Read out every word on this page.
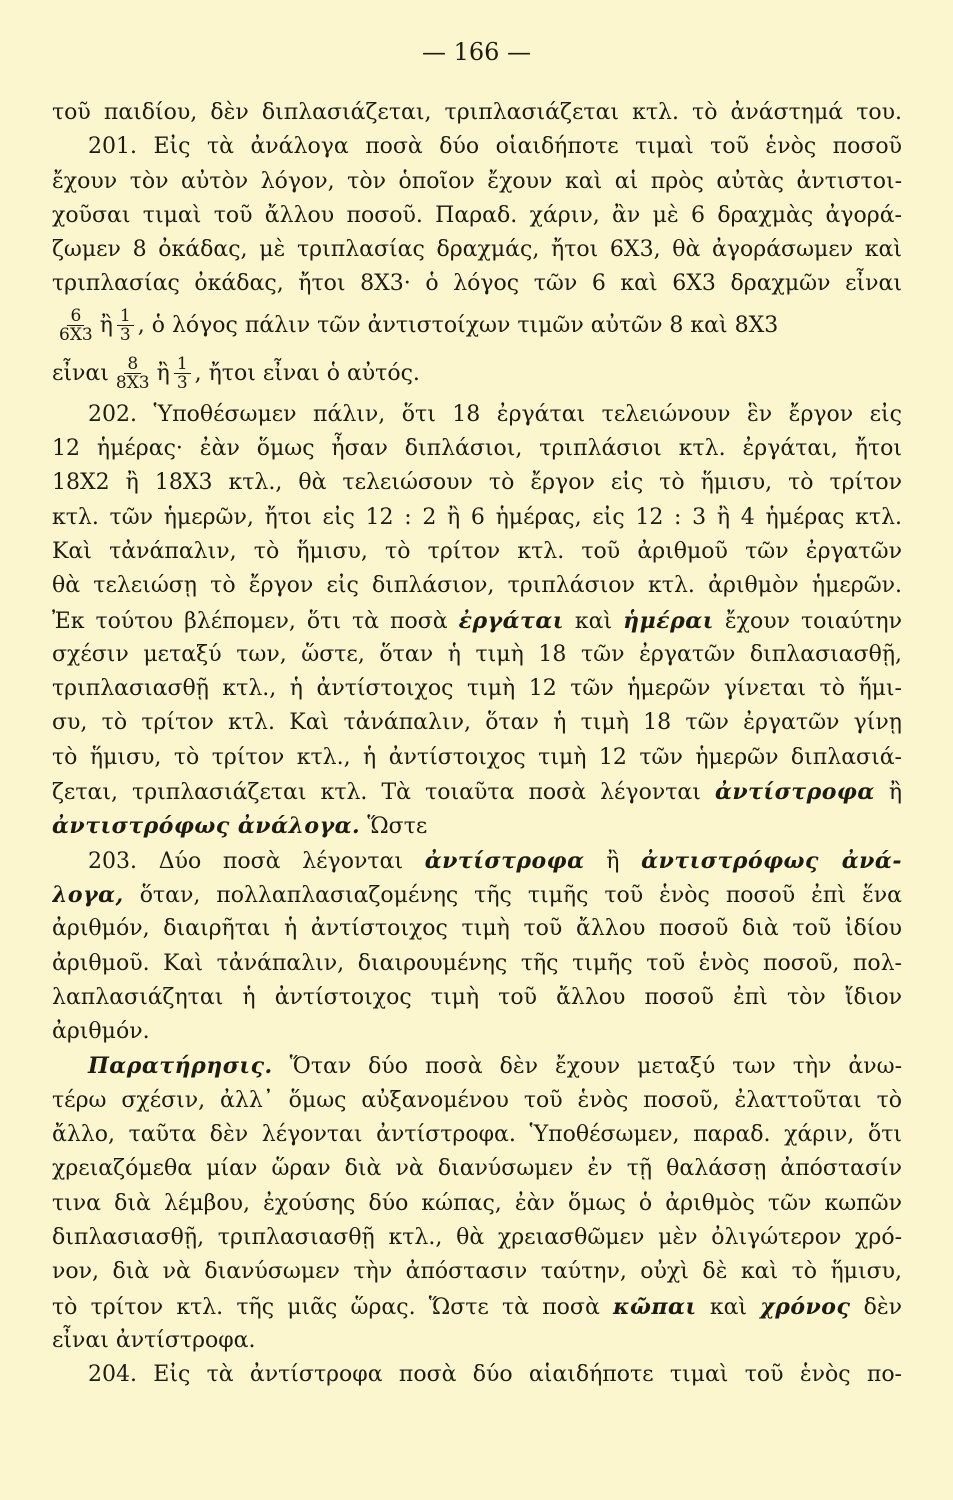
— 166 —
τοῦ παιδίου, δὲν διπλασιάζεται, τριπλασιάζεται κτλ. τὸ ἀνάστημά του.
201. Εἰς τὰ ἀνάλογα ποσὰ δύο οἱαιδήποτε τιμαὶ τοῦ ἑνὸς ποσοῦ
ἔχουν τὸν αὐτὸν λόγον, τὸν ὁποῖον ἔχουν καὶ αἱ πρὸς αὐτὰς ἀντιστοι-
χοῦσαι τιμαὶ τοῦ ἄλλου ποσοῦ. Παραδ. χάριν, ἂν μὲ 6 δραχμὰς ἀγορά-
ζωμεν 8 ὀκάδας, μὲ τριπλασίας δραχμάς, ἤτοι 6X3, θὰ ἀγοράσωμεν καὶ
τριπλασίας ὀκάδας, ἤτοι 8X3· ὁ λόγος τῶν 6 καὶ 6X3 δραχμῶν εἶναι
$\frac{6}{6X3}$ ἢ $\frac{1}{3}$ , ὁ λόγος πάλιν τῶν ἀντιστοίχων τιμῶν αὐτῶν 8 καὶ 8X3
εἶναι $\frac{8}{8X3}$ ἢ $\frac{1}{3}$ , ἤτοι εἶναι ὁ αὐτός.
202. Ὑποθέσωμεν πάλιν, ὅτι 18 ἐργάται τελειώνουν ἓν ἔργον εἰς
12 ἡμέρας· ἐὰν ὅμως ἦσαν διπλάσιοι, τριπλάσιοι κτλ. ἐργάται, ἤτοι
18X2 ἢ 18X3 κτλ., θὰ τελειώσουν τὸ ἔργον εἰς τὸ ἥμισυ, τὸ τρίτον
κτλ. τῶν ἡμερῶν, ἤτοι εἰς 12 : 2 ἢ 6 ἡμέρας, εἰς 12 : 3 ἢ 4 ἡμέρας κτλ.
Καὶ τἀνάπαλιν, τὸ ἥμισυ, τὸ τρίτον κτλ. τοῦ ἀριθμοῦ τῶν ἐργατῶν
θὰ τελειώσῃ τὸ ἔργον εἰς διπλάσιον, τριπλάσιον κτλ. ἀριθμὸν ἡμερῶν.
Ἐκ τούτου βλέπομεν, ὅτι τὰ ποσὰ ἐργάται καὶ ἡμέραι ἔχουν τοιαύτην
σχέσιν μεταξύ των, ὥστε, ὅταν ἡ τιμὴ 18 τῶν ἐργατῶν διπλασιασθῇ,
τριπλασιασθῇ κτλ., ἡ ἀντίστοιχος τιμὴ 12 τῶν ἡμερῶν γίνεται τὸ ἥμι-
συ, τὸ τρίτον κτλ. Καὶ τἀνάπαλιν, ὅταν ἡ τιμὴ 18 τῶν ἐργατῶν γίνῃ
τὸ ἥμισυ, τὸ τρίτον κτλ., ἡ ἀντίστοιχος τιμὴ 12 τῶν ἡμερῶν διπλασιά-
ζεται, τριπλασιάζεται κτλ. Τὰ τοιαῦτα ποσὰ λέγονται ἀντίστροφα ἢ
ἀντιστρόφως ἀνάλογα. Ὥστε
203. Δύο ποσὰ λέγονται ἀντίστροφα ἢ ἀντιστρόφως ἀνά-
λογα, ὅταν, πολλαπλασιαζομένης τῆς τιμῆς τοῦ ἑνὸς ποσοῦ ἐπὶ ἕνα
ἀριθμόν, διαιρῆται ἡ ἀντίστοιχος τιμὴ τοῦ ἄλλου ποσοῦ διὰ τοῦ ἰδίου
ἀριθμοῦ. Καὶ τἀνάπαλιν, διαιρουμένης τῆς τιμῆς τοῦ ἑνὸς ποσοῦ, πολ-
λαπλασιάζηται ἡ ἀντίστοιχος τιμὴ τοῦ ἄλλου ποσοῦ ἐπὶ τὸν ἴδιον
ἀριθμόν.
Παρατήρησις. Ὅταν δύο ποσὰ δὲν ἔχουν μεταξύ των τὴν ἀνω-
τέρω σχέσιν, ἀλλ᾽ ὅμως αὐξανομένου τοῦ ἑνὸς ποσοῦ, ἐλαττοῦται τὸ
ἄλλο, ταῦτα δὲν λέγονται ἀντίστροφα. Ὑποθέσωμεν, παραδ. χάριν, ὅτι
χρειαζόμεθα μίαν ὥραν διὰ νὰ διανύσωμεν ἐν τῇ θαλάσσῃ ἀπόστασίν
τινα διὰ λέμβου, ἐχούσης δύο κώπας, ἐὰν ὅμως ὁ ἀριθμὸς τῶν κωπῶν
διπλασιασθῇ, τριπλασιασθῇ κτλ., θὰ χρειασθῶμεν μὲν ὀλιγώτερον χρό-
νον, διὰ νὰ διανύσωμεν τὴν ἀπόστασιν ταύτην, οὐχὶ δὲ καὶ τὸ ἥμισυ,
τὸ τρίτον κτλ. τῆς μιᾶς ὥρας. Ὥστε τὰ ποσὰ κῶπαι καὶ χρόνος δὲν
εἶναι ἀντίστροφα.
204. Εἰς τὰ ἀντίστροφα ποσὰ δύο αἱαιδήποτε τιμαὶ τοῦ ἑνὸς πο-
